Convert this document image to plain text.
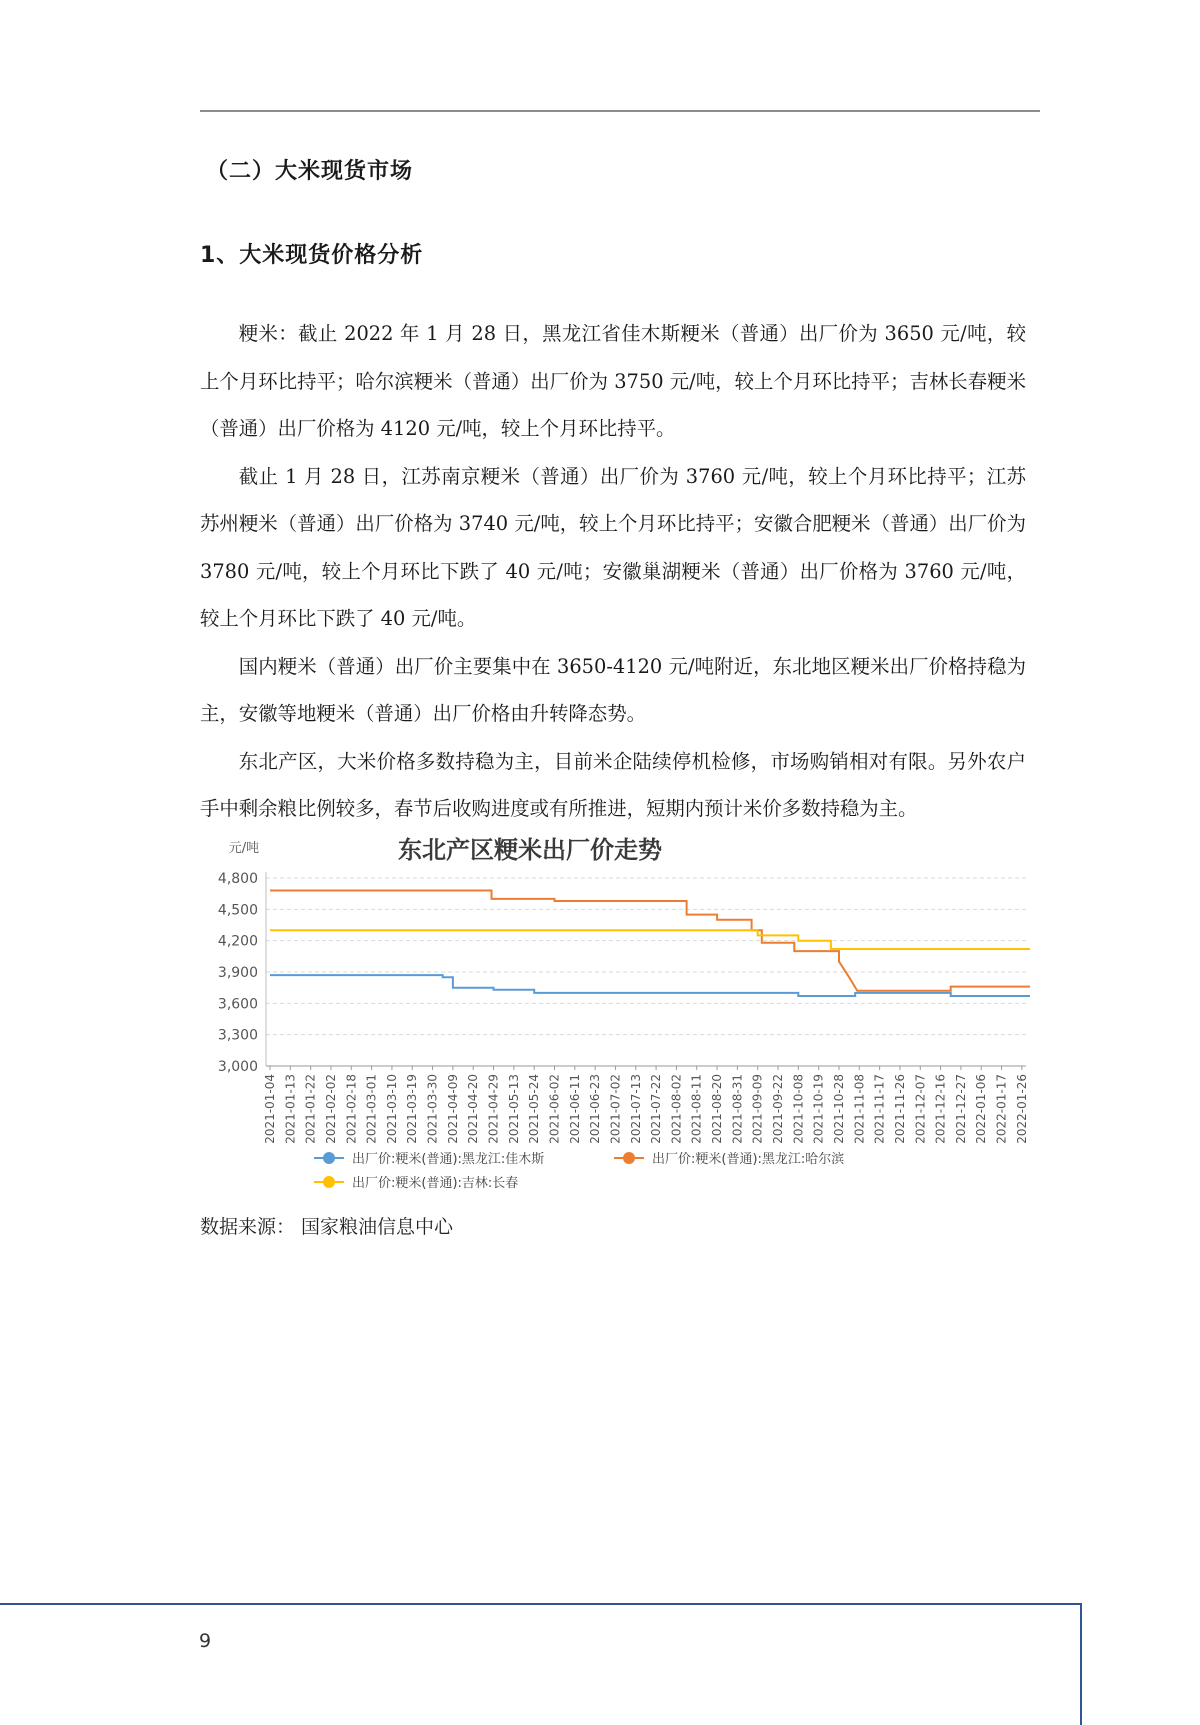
（二）大米现货市场
1、大米现货价格分析

粳米：截止 2022 年 1 月 28 日，黑龙江省佳木斯粳米（普通）出厂价为 3650 元/吨，较上个月环比持平；哈尔滨粳米（普通）出厂价为 3750 元/吨，较上个月环比持平；吉林长春粳米（普通）出厂价格为 4120 元/吨，较上个月环比持平。

截止 1 月 28 日，江苏南京粳米（普通）出厂价为 3760 元/吨，较上个月环比持平；江苏苏州粳米（普通）出厂价格为 3740 元/吨，较上个月环比持平；安徽合肥粳米（普通）出厂价为 3780 元/吨，较上个月环比下跌了 40 元/吨；安徽巢湖粳米（普通）出厂价格为 3760 元/吨，较上个月环比下跌了 40 元/吨。

国内粳米（普通）出厂价主要集中在 3650-4120 元/吨附近，东北地区粳米出厂价格持稳为主，安徽等地粳米（普通）出厂价格由升转降态势。

东北产区，大米价格多数持稳为主，目前米企陆续停机检修，市场购销相对有限。另外农户手中剩余粮比例较多，春节后收购进度或有所推进，短期内预计米价多数持稳为主。

东北产区粳米出厂价走势
元/吨
4,800
4,500
4,200
3,900
3,600
3,300
3,000
2021-01-04 2021-01-13 2021-01-22 2021-02-02 2021-02-18 2021-03-01 2021-03-10 2021-03-19 2021-03-30 2021-04-09 2021-04-20 2021-04-29 2021-05-13 2021-05-24 2021-06-02 2021-06-11 2021-06-23 2021-07-02 2021-07-13 2021-07-22 2021-08-02 2021-08-11 2021-08-20 2021-08-31 2021-09-09 2021-09-22 2021-10-08 2021-10-19 2021-10-28 2021-11-08 2021-11-17 2021-11-26 2021-12-07 2021-12-16 2021-12-27 2022-01-06 2022-01-17 2022-01-26
出厂价:粳米(普通):黑龙江:佳木斯	出厂价:粳米(普通):黑龙江:哈尔滨
出厂价:粳米(普通):吉林:长春
数据来源： 国家粮油信息中心
9
